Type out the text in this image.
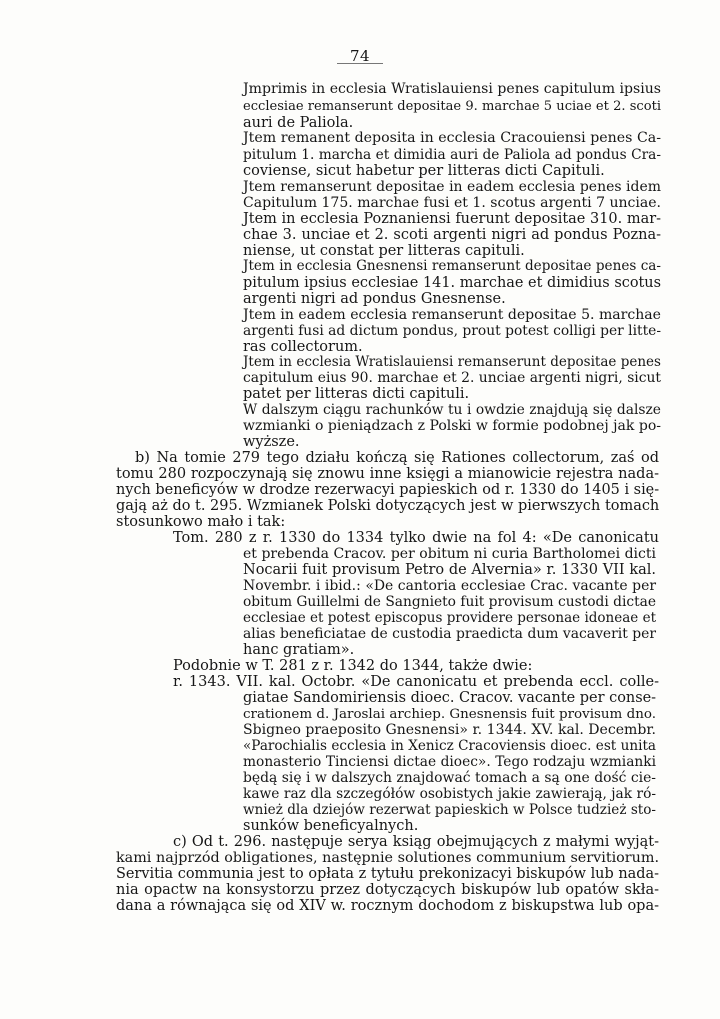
74
Jmprimis in ecclesia Wratislauiensi penes capitulum ipsius
ecclesiae remanserunt depositae 9. marchae 5 uciae et 2. scoti
auri de Paliola.
Jtem remanent deposita in ecclesia Cracouiensi penes Ca-
pitulum 1. marcha et dimidia auri de Paliola ad pondus Cra-
coviense, sicut habetur per litteras dicti Capituli.
Jtem remanserunt depositae in eadem ecclesia penes idem
Capitulum 175. marchae fusi et 1. scotus argenti 7 unciae.
Jtem in ecclesia Poznaniensi fuerunt depositae 310. mar-
chae 3. unciae et 2. scoti argenti nigri ad pondus Pozna-
niense, ut constat per litteras capituli.
Jtem in ecclesia Gnesnensi remanserunt depositae penes ca-
pitulum ipsius ecclesiae 141. marchae et dimidius scotus
argenti nigri ad pondus Gnesnense.
Jtem in eadem ecclesia remanserunt depositae 5. marchae
argenti fusi ad dictum pondus, prout potest colligi per litte-
ras collectorum.
Jtem in ecclesia Wratislauiensi remanserunt depositae penes
capitulum eius 90. marchae et 2. unciae argenti nigri, sicut
patet per litteras dicti capituli.
W dalszym ciągu rachunków tu i owdzie znajdują się dalsze
wzmianki o pieniądzach z Polski w formie podobnej jak po-
wyższe.
b) Na tomie 279 tego działu kończą się Rationes collectorum, zaś od
tomu 280 rozpoczynają się znowu inne księgi a mianowicie rejestra nada-
nych beneficyów w drodze rezerwacyi papieskich od r. 1330 do 1405 i się-
gają aż do t. 295. Wzmianek Polski dotyczących jest w pierwszych tomach
stosunkowo mało i tak:
Tom. 280 z r. 1330 do 1334 tylko dwie na fol 4: «De canonicatu
et prebenda Cracov. per obitum ni curia Bartholomei dicti
Nocarii fuit provisum Petro de Alvernia» r. 1330 VII kal.
Novembr. i ibid.: «De cantoria ecclesiae Crac. vacante per
obitum Guillelmi de Sangnieto fuit provisum custodi dictae
ecclesiae et potest episcopus providere personae idoneae et
alias beneficiatae de custodia praedicta dum vacaverit per
hanc gratiam».
Podobnie w T. 281 z r. 1342 do 1344, także dwie:
r. 1343. VII. kal. Octobr. «De canonicatu et prebenda eccl. colle-
giatae Sandomiriensis dioec. Cracov. vacante per conse-
crationem d. Jaroslai archiep. Gnesnensis fuit provisum dno.
Sbigneo praeposito Gnesnensi» r. 1344. XV. kal. Decembr.
«Parochialis ecclesia in Xenicz Cracoviensis dioec. est unita
monasterio Tinciensi dictae dioec». Tego rodzaju wzmianki
będą się i w dalszych znajdować tomach a są one dość cie-
kawe raz dla szczegółów osobistych jakie zawierają, jak ró-
wnież dla dziejów rezerwat papieskich w Polsce tudzież sto-
sunków beneficyalnych.
c) Od t. 296. następuje serya ksiąg obejmujących z małymi wyjąt-
kami najprzód obligationes, następnie solutiones communium servitiorum.
Servitia communia jest to opłata z tytułu prekonizacyi biskupów lub nada-
nia opactw na konsystorzu przez dotyczących biskupów lub opatów skła-
dana a równająca się od XIV w. rocznym dochodom z biskupstwa lub opa-
